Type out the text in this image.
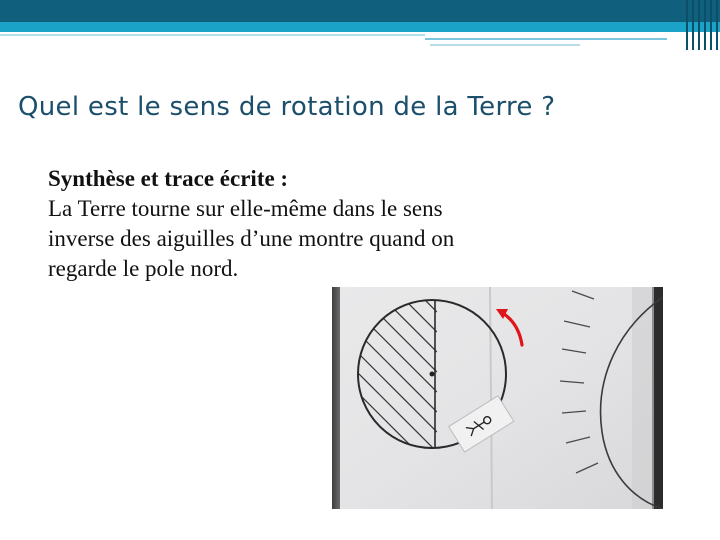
Quel est le sens de rotation de la Terre ?
Synthèse et trace écrite :
La Terre tourne sur elle-même dans le sens
inverse des aiguilles d’une montre quand on
regarde le pole nord.
